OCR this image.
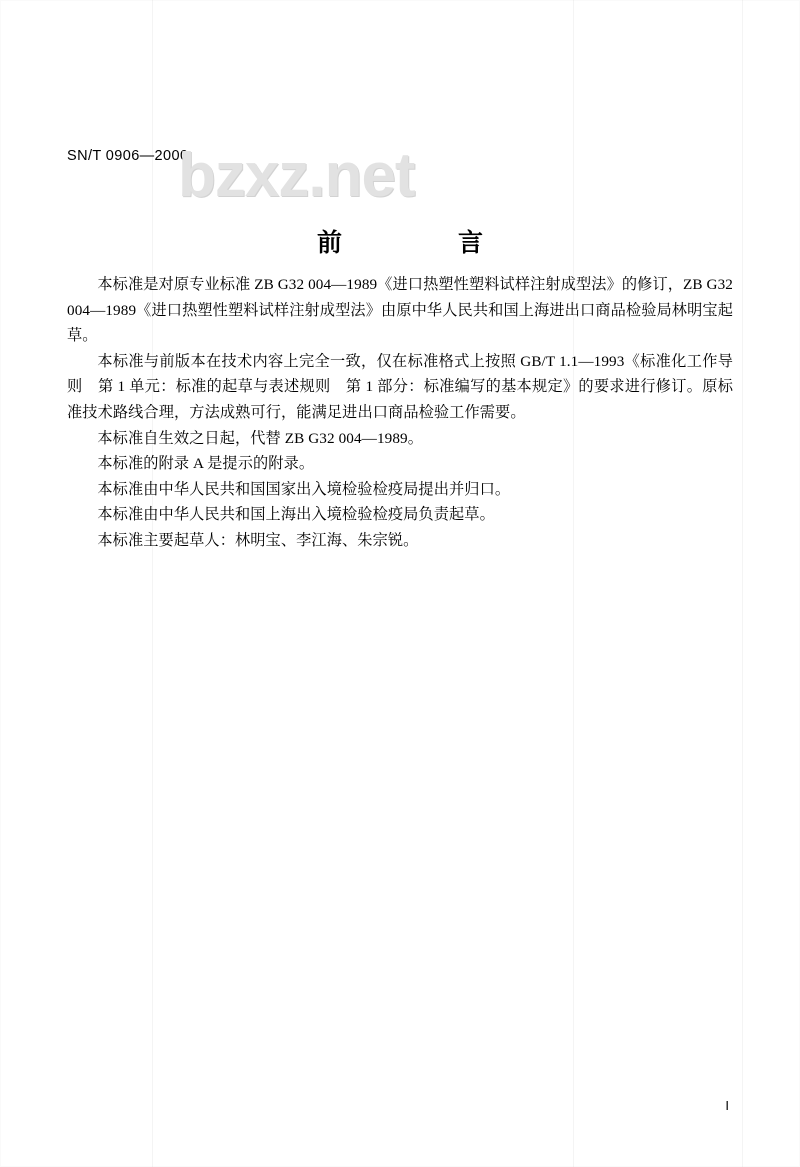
SN/T 0906—2000
bzxz.net
前　　言

本标准是对原专业标准 ZB G32 004—1989《进口热塑性塑料试样注射成型法》的修订，ZB G32 004—1989《进口热塑性塑料试样注射成型法》由原中华人民共和国上海进出口商品检验局林明宝起草。

本标准与前版本在技术内容上完全一致，仅在标准格式上按照 GB/T 1.1—1993《标准化工作导则　第 1 单元：标准的起草与表述规则　第 1 部分：标准编写的基本规定》的要求进行修订。原标准技术路线合理，方法成熟可行，能满足进出口商品检验工作需要。

本标准自生效之日起，代替 ZB G32 004—1989。

本标准的附录 A 是提示的附录。

本标准由中华人民共和国国家出入境检验检疫局提出并归口。

本标准由中华人民共和国上海出入境检验检疫局负责起草。

本标准主要起草人：林明宝、李江海、朱宗锐。

I
